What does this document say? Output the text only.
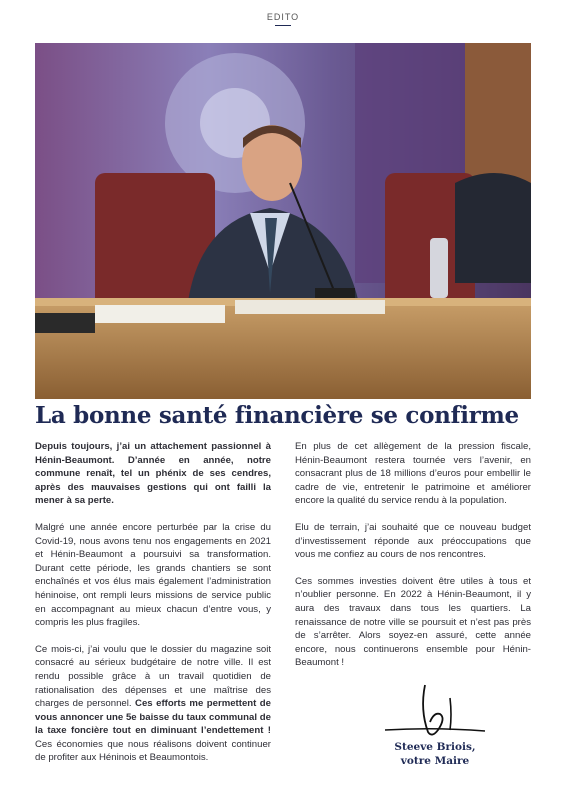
EDITO
La bonne santé financière se confirme

Depuis toujours, j’ai un attachement passionnel à Hénin-Beaumont. D’année en année, notre commune renaît, tel un phénix de ses cendres, après des mauvaises gestions qui ont failli la mener à sa perte.

Malgré une année encore perturbée par la crise du Covid-19, nous avons tenu nos engagements en 2021 et Hénin-Beaumont a poursuivi sa transformation. Durant cette période, les grands chantiers se sont enchaînés et vos élus mais également l’administration héninoise, ont rempli leurs missions de service public en accompagnant au mieux chacun d’entre vous, y compris les plus fragiles.

Ce mois-ci, j’ai voulu que le dossier du magazine soit consacré au sérieux budgétaire de notre ville. Il est rendu possible grâce à un travail quotidien de rationalisation des dépenses et une maîtrise des charges de personnel. Ces efforts me permettent de vous annoncer une 5e baisse du taux communal de la taxe foncière tout en diminuant l’endettement ! Ces économies que nous réalisons doivent continuer de profiter aux Héninois et Beaumontois.

En plus de cet allègement de la pression fiscale, Hénin-Beaumont restera tournée vers l’avenir, en consacrant plus de 18 millions d’euros pour embellir le cadre de vie, entretenir le patrimoine et améliorer encore la qualité du service rendu à la population.

Elu de terrain, j’ai souhaité que ce nouveau budget d’investissement réponde aux préoccupations que vous me confiez au cours de nos rencontres.

Ces sommes investies doivent être utiles à tous et n’oublier personne. En 2022 à Hénin-Beaumont, il y aura des travaux dans tous les quartiers. La renaissance de notre ville se poursuit et n’est pas près de s’arrêter. Alors soyez-en assuré, cette année encore, nous continuerons ensemble pour Hénin-Beaumont !

Steeve Briois,
votre Maire
